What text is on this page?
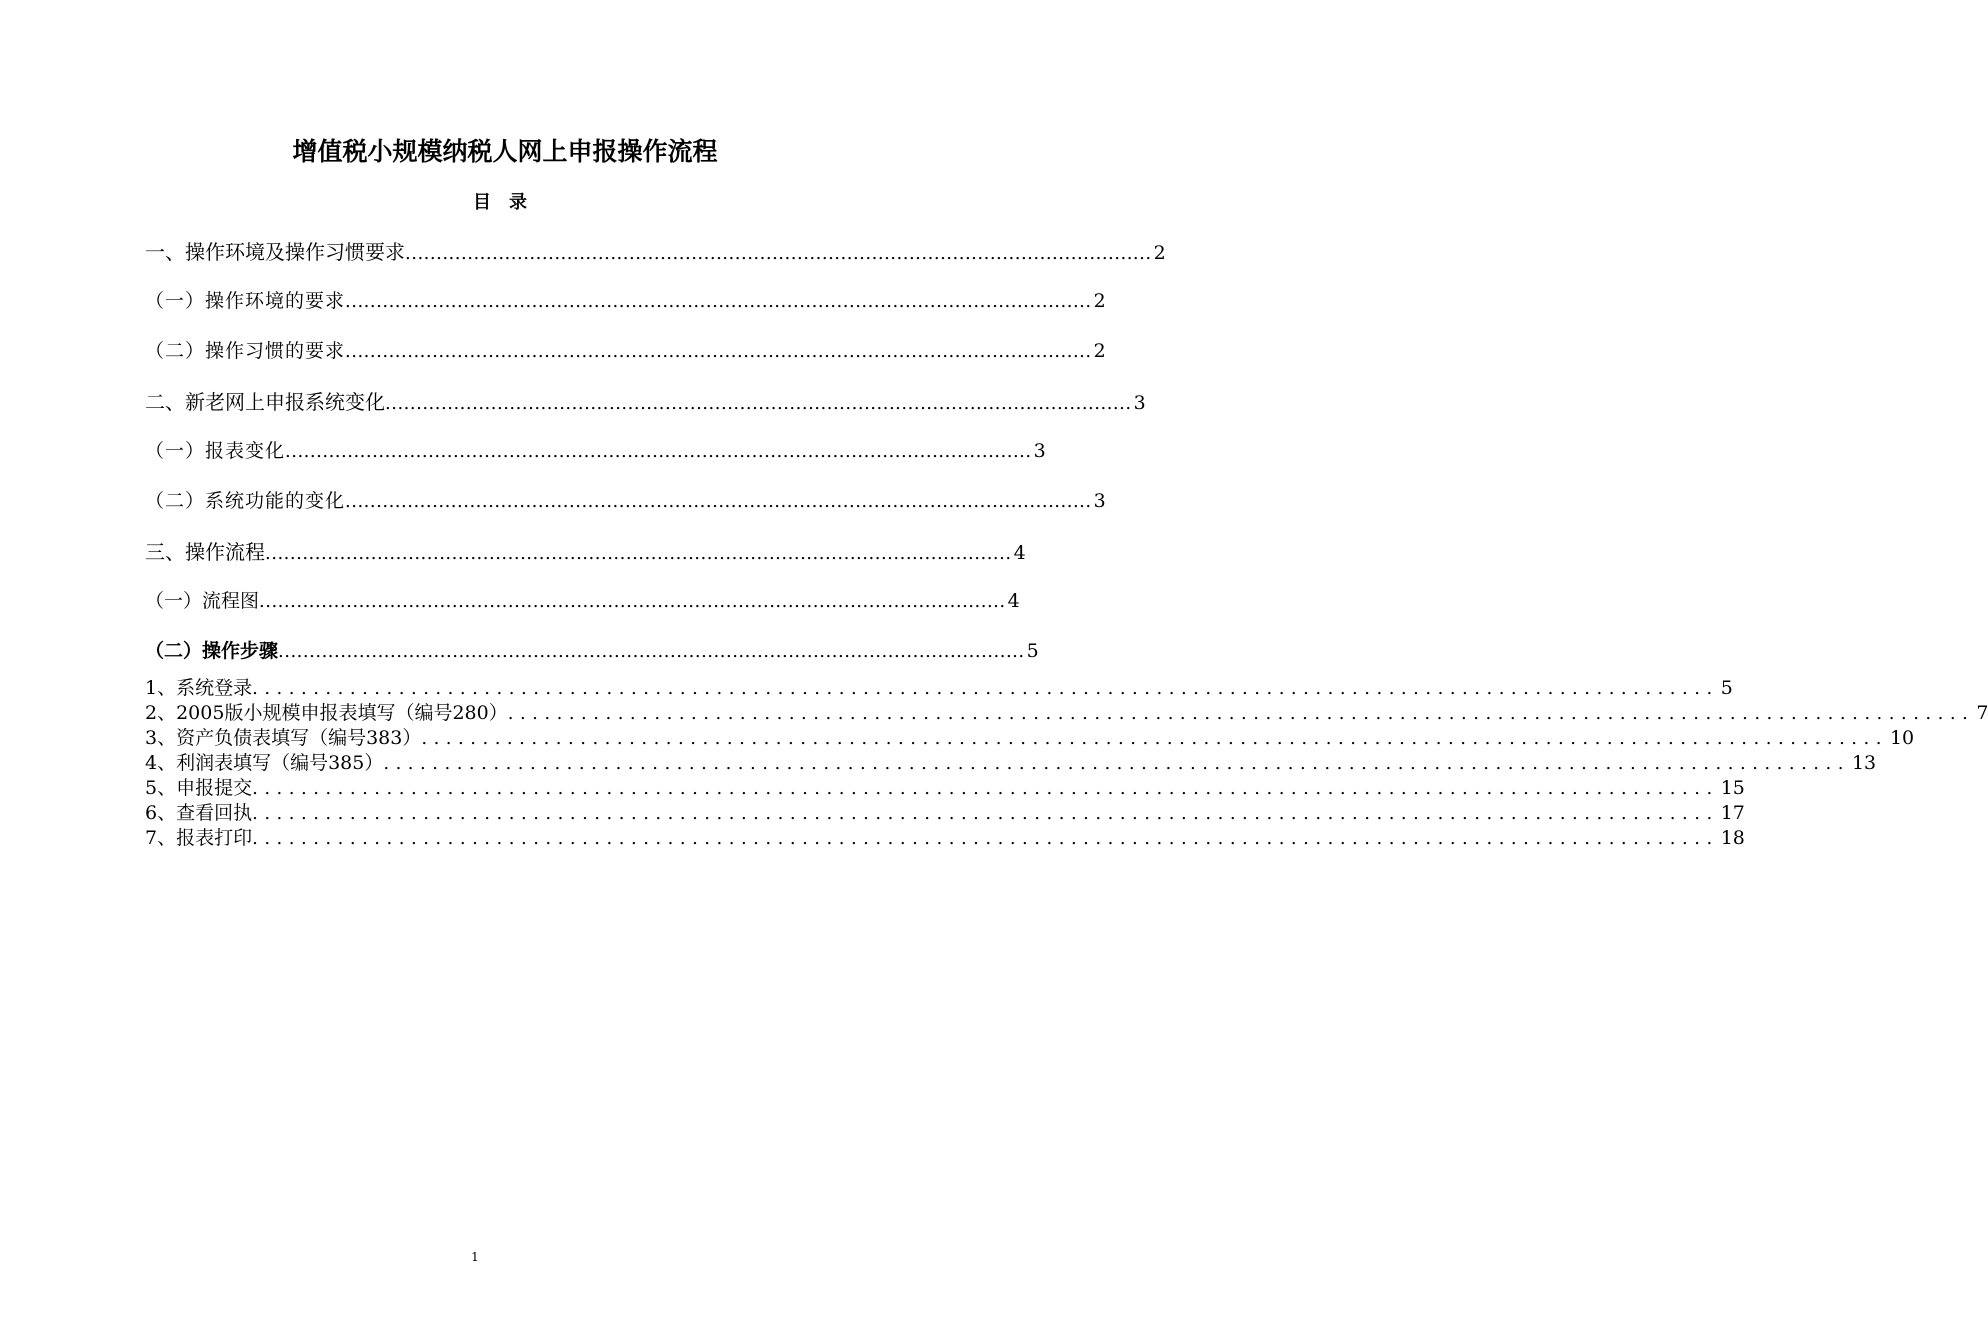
增值税小规模纳税人网上申报操作流程
目　录
一、操作环境及操作习惯要求 ........................................................................................................................ 2
（一）操作环境的要求 ........................................................................................................................ 2
（二）操作习惯的要求 ........................................................................................................................ 2
二、新老网上申报系统变化 ........................................................................................................................ 3
（一）报表变化 ........................................................................................................................ 3
（二）系统功能的变化 ........................................................................................................................ 3
三、操作流程 ........................................................................................................................ 4
（一）流程图 ........................................................................................................................ 4
（二）操作步骤 ........................................................................................................................ 5
1、系统登录 ........................................................................................................................ 5
2、2005版小规模申报表填写（编号280） ........................................................................................................................ 7
3、资产负债表填写（编号383） ........................................................................................................................ 10
4、利润表填写（编号385） ........................................................................................................................ 13
5、申报提交 ........................................................................................................................ 15
6、查看回执 ........................................................................................................................ 17
7、报表打印 ........................................................................................................................ 18
1
